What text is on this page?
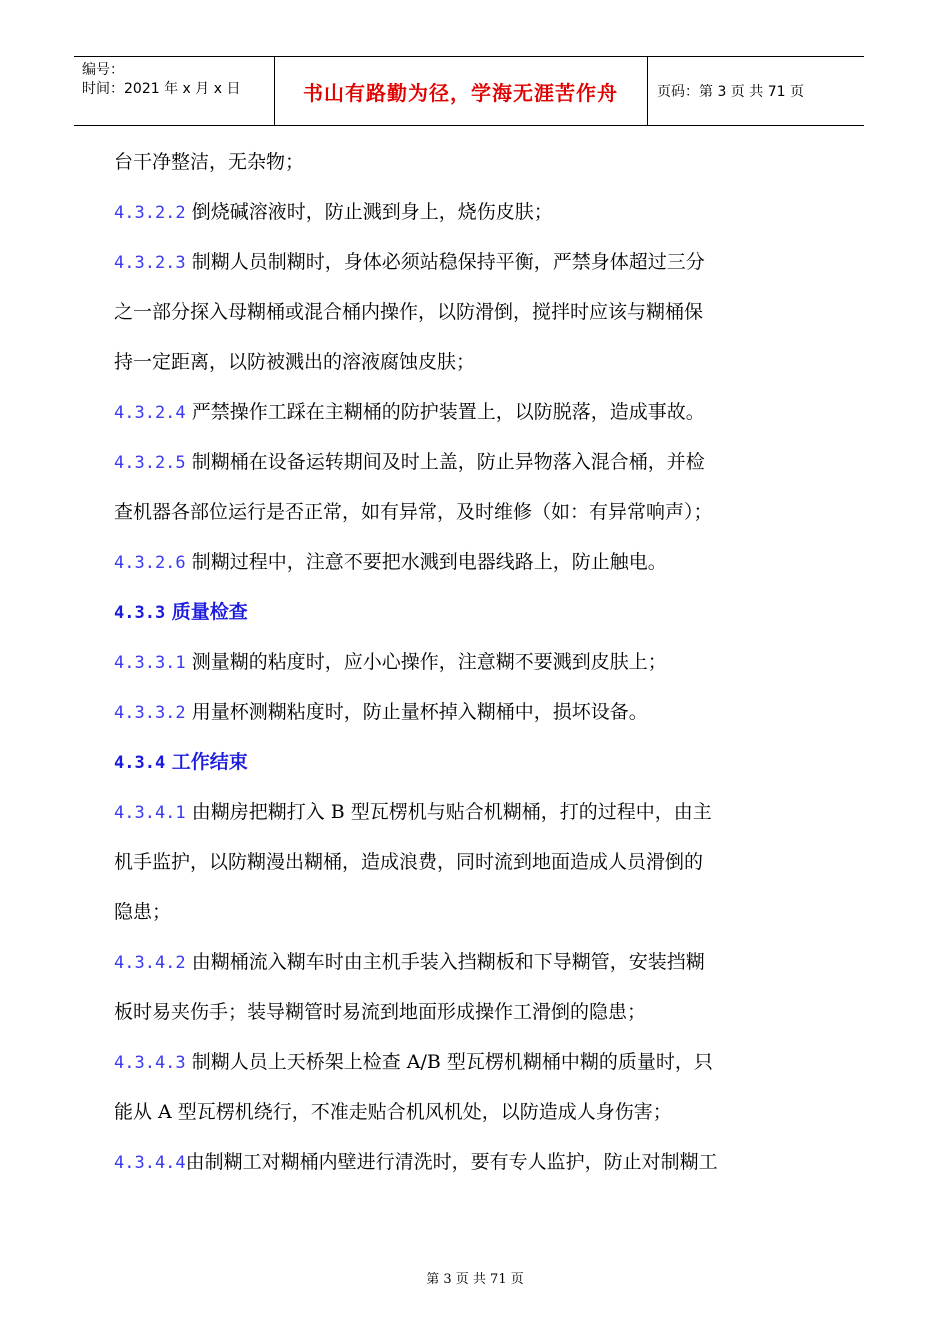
编号：
时间：2021 年 x 月 x 日	书山有路勤为径，学海无涯苦作舟	页码：第 3 页 共 71 页
台干净整洁，无杂物；
4.3.2.2 倒烧碱溶液时，防止溅到身上，烧伤皮肤；
4.3.2.3 制糊人员制糊时，身体必须站稳保持平衡，严禁身体超过三分
之一部分探入母糊桶或混合桶内操作，以防滑倒，搅拌时应该与糊桶保
持一定距离，以防被溅出的溶液腐蚀皮肤；
4.3.2.4 严禁操作工踩在主糊桶的防护装置上，以防脱落，造成事故。
4.3.2.5 制糊桶在设备运转期间及时上盖，防止异物落入混合桶，并检
查机器各部位运行是否正常，如有异常，及时维修（如：有异常响声）；
4.3.2.6 制糊过程中，注意不要把水溅到电器线路上，防止触电。
4.3.3 质量检查
4.3.3.1 测量糊的粘度时，应小心操作，注意糊不要溅到皮肤上；
4.3.3.2 用量杯测糊粘度时，防止量杯掉入糊桶中，损坏设备。
4.3.4 工作结束
4.3.4.1 由糊房把糊打入 B 型瓦楞机与贴合机糊桶，打的过程中，由主
机手监护，以防糊漫出糊桶，造成浪费，同时流到地面造成人员滑倒的
隐患；
4.3.4.2 由糊桶流入糊车时由主机手装入挡糊板和下导糊管，安装挡糊
板时易夹伤手；装导糊管时易流到地面形成操作工滑倒的隐患；
4.3.4.3 制糊人员上天桥架上检查 A/B 型瓦楞机糊桶中糊的质量时，只
能从 A 型瓦楞机绕行，不准走贴合机风机处，以防造成人身伤害；
4.3.4.4由制糊工对糊桶内壁进行清洗时，要有专人监护，防止对制糊工
第 3 页 共 71 页
